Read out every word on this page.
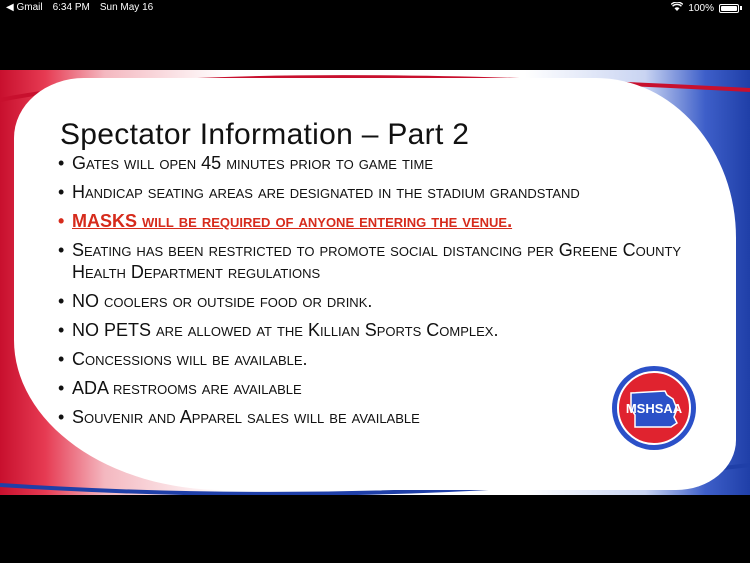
◀ Gmail 6:34 PM Sun May 16	100%
Spectator Information – Part 2
• Gates will open 45 minutes prior to game time
• Handicap seating areas are designated in the stadium grandstand
• MASKS will be required of anyone entering the venue.
• Seating has been restricted to promote social distancing per Greene County Health Department regulations
• NO coolers or outside food or drink.
• NO PETS are allowed at the Killian Sports Complex.
• Concessions will be available.
• ADA restrooms are available
• Souvenir and Apparel sales will be available	MSHSAA
